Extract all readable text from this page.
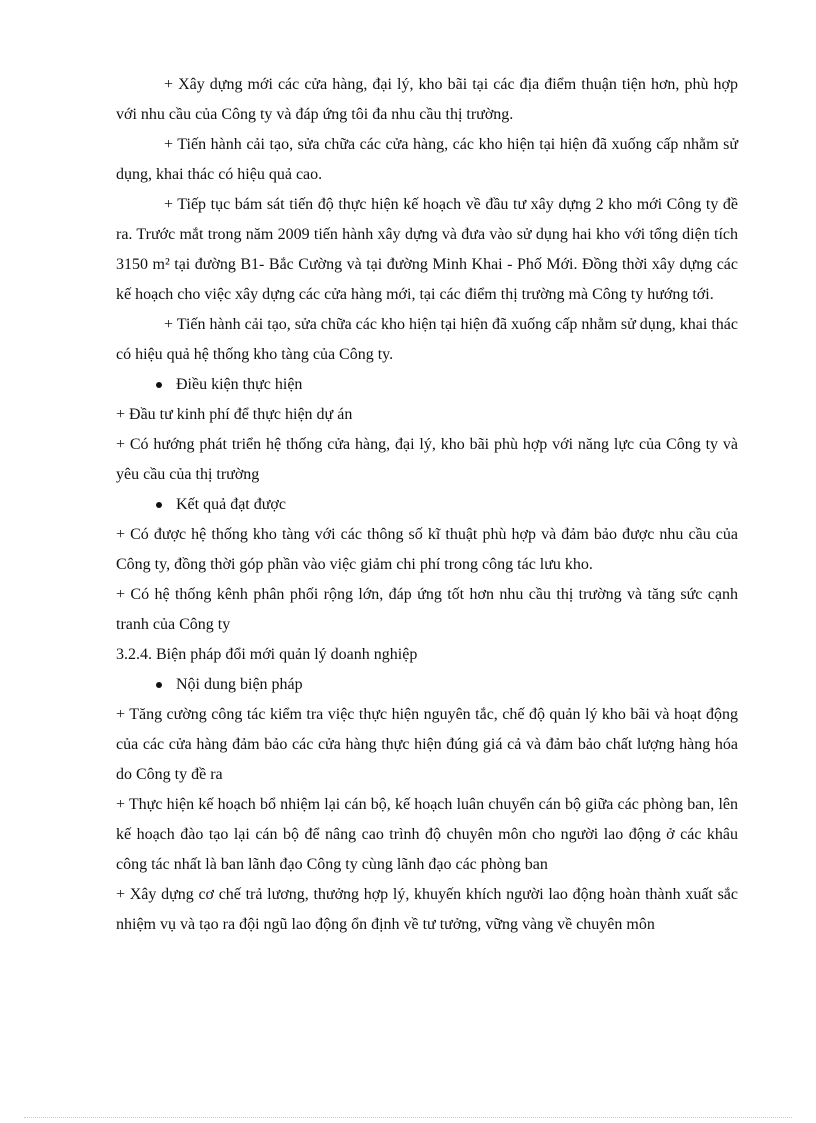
+ Xây dựng mới các cửa hàng, đại lý, kho bãi tại các địa điểm thuận tiện hơn, phù hợp với nhu cầu của Công ty và đáp ứng tôi đa nhu cầu thị trường.

+ Tiến hành cải tạo, sửa chữa các cửa hàng, các kho hiện tại hiện đã xuống cấp nhằm sử dụng, khai thác có hiệu quả cao.

+ Tiếp tục bám sát tiến độ thực hiện kế hoạch về đầu tư xây dựng 2 kho mới Công ty đề ra. Trước mắt trong năm 2009 tiến hành xây dựng và đưa vào sử dụng hai kho với tổng diện tích 3150 m² tại đường B1- Bắc Cường và tại đường Minh Khai - Phố Mới. Đồng thời xây dựng các kế hoạch cho việc xây dựng các cửa hàng mới, tại các điểm thị trường mà Công ty hướng tới.

+ Tiến hành cải tạo, sửa chữa các kho hiện tại hiện đã xuống cấp nhằm sử dụng, khai thác có hiệu quả hệ thống kho tàng của Công ty.

Điều kiện thực hiện

+ Đầu tư kinh phí để thực hiện dự án

+ Có hướng phát triển hệ thống cửa hàng, đại lý, kho bãi phù hợp với năng lực của Công ty và yêu cầu của thị trường

Kết quả đạt được

+ Có được hệ thống kho tàng với các thông số kĩ thuật phù hợp và đảm bảo được nhu cầu của Công ty, đồng thời góp phần vào việc giảm chi phí trong công tác lưu kho.

+ Có hệ thống kênh phân phối rộng lớn, đáp ứng tốt hơn nhu cầu thị trường và tăng sức cạnh tranh của Công ty

3.2.4. Biện pháp đổi mới quản lý doanh nghiệp

Nội dung biện pháp

+ Tăng cường công tác kiểm tra việc thực hiện nguyên tắc, chế độ quản lý kho bãi và hoạt động của các cửa hàng đảm bảo các cửa hàng thực hiện đúng giá cả và đảm bảo chất lượng hàng hóa do Công ty đề ra

+ Thực hiện kế hoạch bổ nhiệm lại cán bộ, kế hoạch luân chuyển cán bộ giữa các phòng ban, lên kế hoạch đào tạo lại cán bộ để nâng cao trình độ chuyên môn cho người lao động ở các khâu công tác nhất là ban lãnh đạo Công ty cùng lãnh đạo các phòng ban

+ Xây dựng cơ chế trả lương, thưởng hợp lý, khuyến khích người lao động hoàn thành xuất sắc nhiệm vụ và tạo ra đội ngũ lao động ổn định về tư tưởng, vững vàng về chuyên môn
